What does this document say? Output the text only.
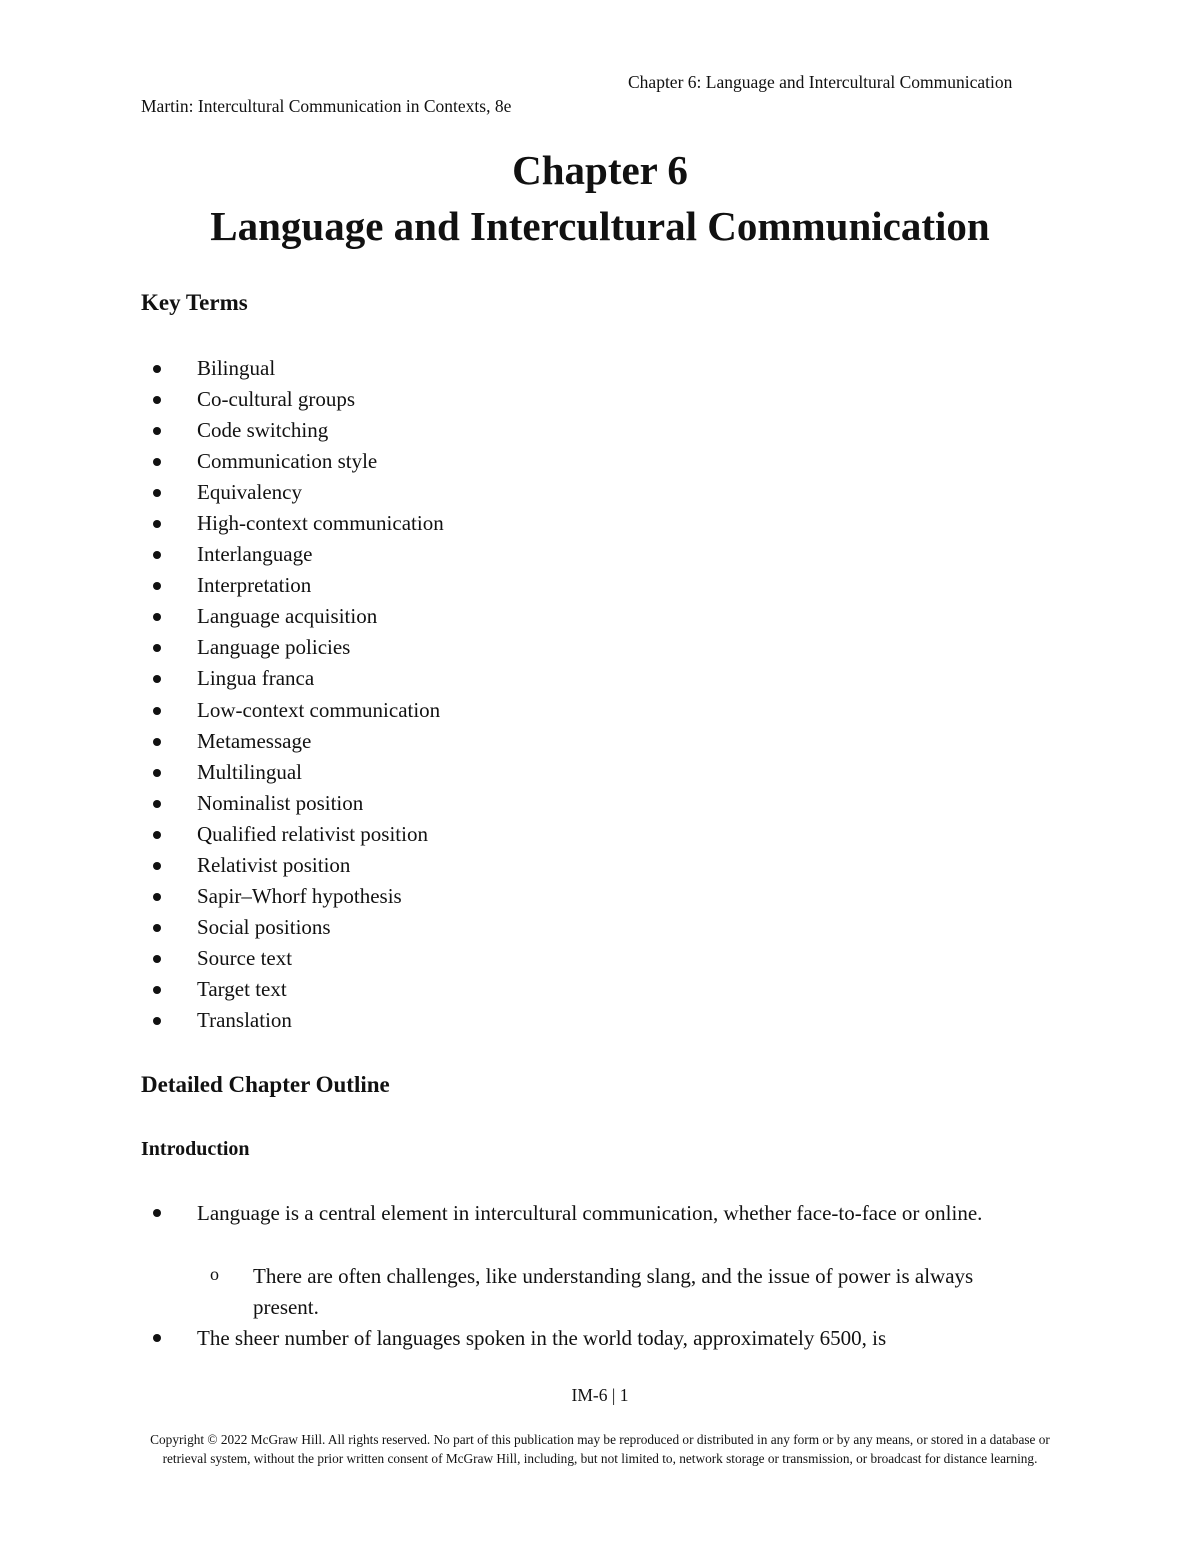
Chapter 6: Language and Intercultural Communication
Martin: Intercultural Communication in Contexts, 8e
Chapter 6
Language and Intercultural Communication
Key Terms
Bilingual
Co-cultural groups
Code switching
Communication style
Equivalency
High-context communication
Interlanguage
Interpretation
Language acquisition
Language policies
Lingua franca
Low-context communication
Metamessage
Multilingual
Nominalist position
Qualified relativist position
Relativist position
Sapir–Whorf hypothesis
Social positions
Source text
Target text
Translation
Detailed Chapter Outline
Introduction
Language is a central element in intercultural communication, whether face-to-face or online.
o There are often challenges, like understanding slang, and the issue of power is always present.
The sheer number of languages spoken in the world today, approximately 6500, is
IM-6 | 1
Copyright © 2022 McGraw Hill. All rights reserved. No part of this publication may be reproduced or distributed in any form or by any means, or stored in a database or retrieval system, without the prior written consent of McGraw Hill, including, but not limited to, network storage or transmission, or broadcast for distance learning.
